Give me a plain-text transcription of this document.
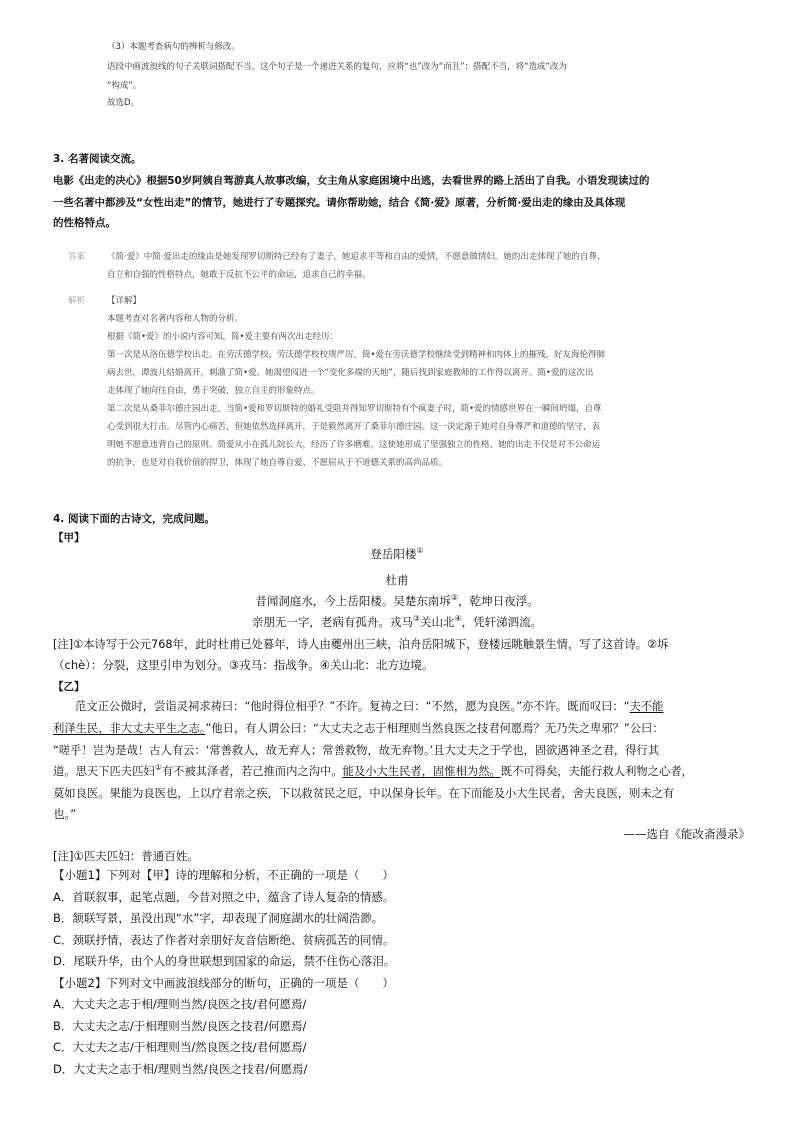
（3）本题考查病句的辨析与修改。
语段中画波浪线的句子关联词搭配不当，这个句子是一个递进关系的复句，应将“也”改为“而且”；搭配不当，将“造成”改为
“构成”。
故选D。
3. 名著阅读交流。
电影《出走的决心》根据50岁阿姨自驾游真人故事改编，女主角从家庭困境中出逃，去看世界的路上活出了自我。小语发现读过的
一些名著中都涉及“女性出走”的情节，她进行了专题探究。请你帮助她，结合《简·爱》原著，分析简·爱出走的缘由及具体现
的性格特点。
答案	《简·爱》中简·爱出走的缘由是她发现罗切斯特已经有了妻子，她追求平等和自由的爱情，不愿意做情妇。她的出走体现了她的自尊、
自立和自强的性格特点，她敢于反抗不公平的命运，追求自己的幸福。
解析	【详解】
本题考查对名著内容和人物的分析。
根据《简•爱》的小说内容可知，简•爱主要有两次出走经历：
第一次是从洛伍德学校出走。在劳沃德学校，劳沃德学校校规严厉，简•爱在劳沃德学校继续受到精神和肉体上的摧残。好友海伦得肺
病去世，谭波儿结婚离开，刺激了简•爱。她渴望闯进一个“变化多端的天地”，随后找到家庭教师的工作得以离开。简•爱的这次出
走体现了她向往自由，勇于突破，独立自主的形象特点。
第二次是从桑菲尔德庄园出走。当简•爱和罗切斯特的婚礼受阻并得知罗切斯特有个疯妻子时，简•爱的情感世界在一瞬间坍塌，自尊
心受到很大打击。尽管内心痛苦，但她依然选择离开，于是毅然离开了桑菲尔德庄园。这一决定源于她对自身尊严和道德的坚守，表
明她不愿意违背自己的原则。简爱从小在孤儿院长大，经历了许多磨难，这使她形成了坚强独立的性格。她的出走不仅是对不公命运
的抗争，也是对自我价值的捍卫，体现了她自尊自爱、不愿屈从于不道德关系的高尚品质。
4. 阅读下面的古诗文，完成问题。
【甲】
登岳阳楼①
杜甫
昔闻洞庭水，今上岳阳楼。吴楚东南坼②，乾坤日夜浮。
亲朋无一字，老病有孤舟。戎马③关山北④，凭轩涕泗流。
[注]①本诗写于公元768年，此时杜甫已处暮年，诗人由夔州出三峡，泊舟岳阳城下，登楼远眺触景生情，写了这首诗。②坼
（chè）：分裂，这里引申为划分。③戎马：指战争。④关山北：北方边境。
【乙】
范文正公微时，尝诣灵祠求祷曰：“他时得位相乎？”不许。复祷之曰：“不然，愿为良医。”亦不许。既而叹曰：“夫不能
利泽生民，非大丈夫平生之志。”他日，有人谓公曰：“大丈夫之志于相理则当然良医之技君何愿焉？无乃失之卑邪？”公曰：
“嗟乎！岂为是哉！古人有云：‘常善救人，故无弃人；常善救物，故无弃物。’且大丈夫之于学也，固欲遇神圣之君，得行其
道。思天下匹夫匹妇①有不被其泽者，若己推而内之沟中。能及小大生民者，固惟相为然。既不可得矣，夫能行救人利物之心者，
莫如良医。果能为良医也，上以疗君亲之疾，下以救贫民之厄，中以保身长年。在下而能及小大生民者，舍夫良医，则未之有
也。”
——选自《能改斋漫录》
[注]①匹夫匹妇：普通百姓。
【小题1】下列对【甲】诗的理解和分析，不正确的一项是（　　）
A．首联叙事，起笔点题，今昔对照之中，蕴含了诗人复杂的情感。
B．颔联写景，虽没出现“水”字，却表现了洞庭湖水的壮阔浩渺。
C．颈联抒情，表达了作者对亲朋好友音信断绝、贫病孤苦的同情。
D．尾联升华，由个人的身世联想到国家的命运，禁不住伤心落泪。
【小题2】下列对文中画波浪线部分的断句，正确的一项是（　　）
A．大丈夫之志于相/理则当然/良医之技/君何愿焉/
B．大丈夫之志/于相理则当然/良医之技君/何愿焉/
C．大丈夫之志/于相理则当/然良医之技/君何愿焉/
D．大丈夫之志于相/理则当然/良医之技君/何愿焉/
